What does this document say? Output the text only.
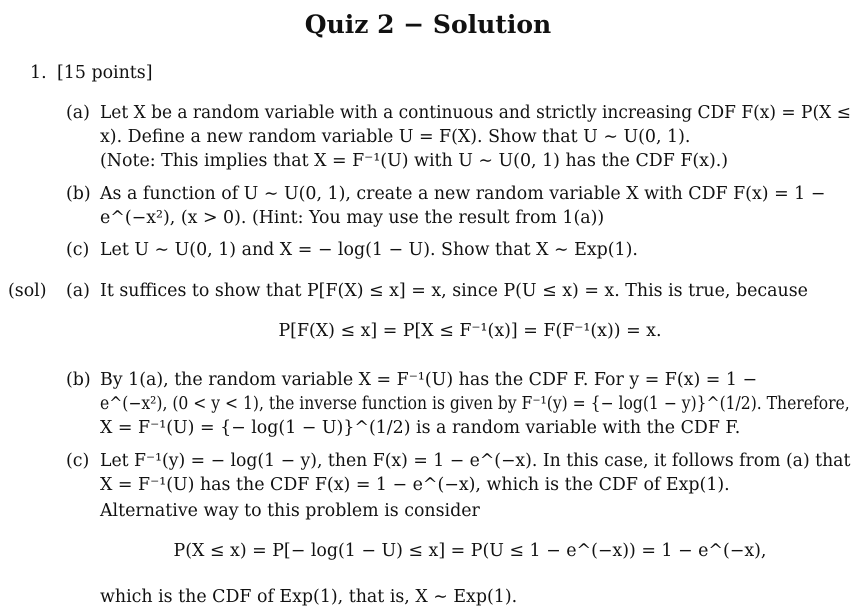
Quiz 2 − Solution
1. [15 points]
(a) Let X be a random variable with a continuous and strictly increasing CDF F(x) = P(X ≤
x). Define a new random variable U = F(X). Show that U ∼ U(0, 1).
(Note: This implies that X = F⁻¹(U) with U ∼ U(0, 1) has the CDF F(x).)
(b) As a function of U ∼ U(0, 1), create a new random variable X with CDF F(x) = 1 −
e^(−x²), (x > 0). (Hint: You may use the result from 1(a))
(c) Let U ∼ U(0, 1) and X = − log(1 − U). Show that X ∼ Exp(1).
(sol) (a) It suffices to show that P[F(X) ≤ x] = x, since P(U ≤ x) = x. This is true, because
P[F(X) ≤ x] = P[X ≤ F⁻¹(x)] = F(F⁻¹(x)) = x.
(b) By 1(a), the random variable X = F⁻¹(U) has the CDF F. For y = F(x) = 1 −
e^(−x²), (0 < y < 1), the inverse function is given by F⁻¹(y) = {− log(1 − y)}^(1/2). Therefore,
X = F⁻¹(U) = {− log(1 − U)}^(1/2) is a random variable with the CDF F.
(c) Let F⁻¹(y) = − log(1 − y), then F(x) = 1 − e^(−x). In this case, it follows from (a) that
X = F⁻¹(U) has the CDF F(x) = 1 − e^(−x), which is the CDF of Exp(1).
Alternative way to this problem is consider
P(X ≤ x) = P[− log(1 − U) ≤ x] = P(U ≤ 1 − e^(−x)) = 1 − e^(−x),
which is the CDF of Exp(1), that is, X ∼ Exp(1).
